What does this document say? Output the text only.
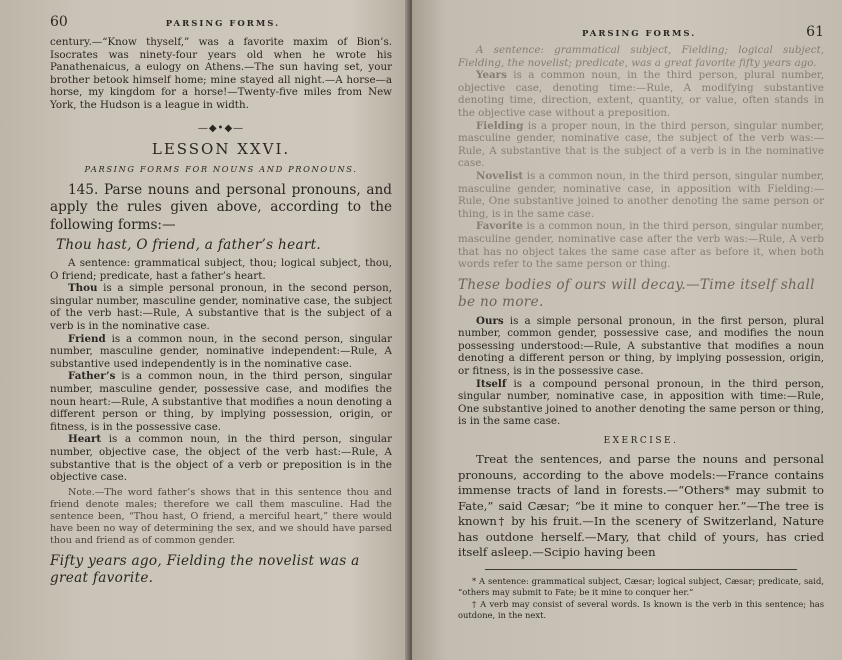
60	PARSING FORMS.

century.—“Know thyself,” was a favorite maxim of Bion’s. Isocrates was ninety-four years old when he wrote his Panathenaicus, a eulogy on Athens.—The sun having set, your brother betook himself home; mine stayed all night.—A horse—a horse, my kingdom for a horse!—Twenty-five miles from New York, the Hudson is a league in width.

—◆•◆—
LESSON XXVI.
PARSING FORMS FOR NOUNS AND PRONOUNS.

145. Parse nouns and personal pronouns, and apply the rules given above, according to the following forms:—

Thou hast, O friend, a father’s heart.

A sentence: grammatical subject, thou; logical subject, thou, O friend; predicate, hast a father’s heart.

Thou is a simple personal pronoun, in the second person, singular number, masculine gender, nominative case, the subject of the verb hast:—Rule, A substantive that is the subject of a verb is in the nominative case.

Friend is a common noun, in the second person, singular number, masculine gender, nominative independent:—Rule, A substantive used independently is in the nominative case.

Father’s is a common noun, in the third person, singular number, masculine gender, possessive case, and modifies the noun heart:—Rule, A substantive that modifies a noun denoting a different person or thing, by implying possession, origin, or fitness, is in the possessive case.

Heart is a common noun, in the third person, singular number, objective case, the object of the verb hast:—Rule, A substantive that is the object of a verb or preposition is in the objective case.

Note.—The word father’s shows that in this sentence thou and friend denote males; therefore we call them masculine. Had the sentence been, “Thou hast, O friend, a merciful heart,” there would have been no way of determining the sex, and we should have parsed thou and friend as of common gender.

Fifty years ago, Fielding the novelist was a great favorite.

PARSING FORMS.	61

A sentence: grammatical subject, Fielding; logical subject, Fielding, the novelist; predicate, was a great favorite fifty years ago.

Years is a common noun, in the third person, plural number, objective case, denoting time:—Rule, A modifying substantive denoting time, direction, extent, quantity, or value, often stands in the objective case without a preposition.

Fielding is a proper noun, in the third person, singular number, masculine gender, nominative case, the subject of the verb was:—Rule, A substantive that is the subject of a verb is in the nominative case.

Novelist is a common noun, in the third person, singular number, masculine gender, nominative case, in apposition with Fielding:—Rule, One substantive joined to another denoting the same person or thing, is in the same case.

Favorite is a common noun, in the third person, singular number, masculine gender, nominative case after the verb was:—Rule, A verb that has no object takes the same case after as before it, when both words refer to the same person or thing.

These bodies of ours will decay.—Time itself shall be no more.

Ours is a simple personal pronoun, in the first person, plural number, common gender, possessive case, and modifies the noun possessing understood:—Rule, A substantive that modifies a noun denoting a different person or thing, by implying possession, origin, or fitness, is in the possessive case.

Itself is a compound personal pronoun, in the third person, singular number, nominative case, in apposition with time:—Rule, One substantive joined to another denoting the same person or thing, is in the same case.

EXERCISE.

Treat the sentences, and parse the nouns and personal pronouns, according to the above models:—France contains immense tracts of land in forests.—“Others* may submit to Fate,” said Cæsar; “be it mine to conquer her.”—The tree is known† by his fruit.—In the scenery of Switzerland, Nature has outdone herself.—Mary, that child of yours, has cried itself asleep.—Scipio having been

* A sentence: grammatical subject, Cæsar; logical subject, Cæsar; predicate, said, “others may submit to Fate; be it mine to conquer her.”

† A verb may consist of several words. Is known is the verb in this sentence; has outdone, in the next.
